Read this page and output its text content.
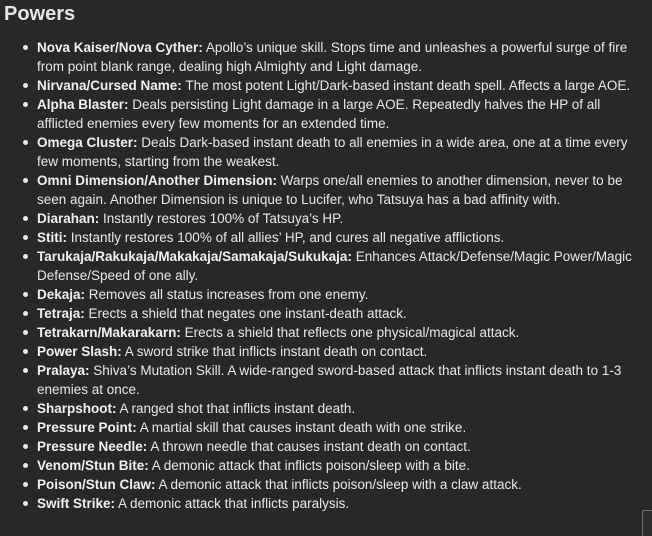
Powers
Nova Kaiser/Nova Cyther: Apollo’s unique skill. Stops time and unleashes a powerful surge of fire from point blank range, dealing high Almighty and Light damage.
Nirvana/Cursed Name: The most potent Light/Dark-based instant death spell. Affects a large AOE.
Alpha Blaster: Deals persisting Light damage in a large AOE. Repeatedly halves the HP of all afflicted enemies every few moments for an extended time.
Omega Cluster: Deals Dark-based instant death to all enemies in a wide area, one at a time every few moments, starting from the weakest.
Omni Dimension/Another Dimension: Warps one/all enemies to another dimension, never to be seen again. Another Dimension is unique to Lucifer, who Tatsuya has a bad affinity with.
Diarahan: Instantly restores 100% of Tatsuya’s HP.
Stiti: Instantly restores 100% of all allies’ HP, and cures all negative afflictions.
Tarukaja/Rakukaja/Makakaja/Samakaja/Sukukaja: Enhances Attack/Defense/Magic Power/Magic Defense/Speed of one ally.
Dekaja: Removes all status increases from one enemy.
Tetraja: Erects a shield that negates one instant-death attack.
Tetrakarn/Makarakarn: Erects a shield that reflects one physical/magical attack.
Power Slash: A sword strike that inflicts instant death on contact.
Pralaya: Shiva’s Mutation Skill. A wide-ranged sword-based attack that inflicts instant death to 1-3 enemies at once.
Sharpshoot: A ranged shot that inflicts instant death.
Pressure Point: A martial skill that causes instant death with one strike.
Pressure Needle: A thrown needle that causes instant death on contact.
Venom/Stun Bite: A demonic attack that inflicts poison/sleep with a bite.
Poison/Stun Claw: A demonic attack that inflicts poison/sleep with a claw attack.
Swift Strike: A demonic attack that inflicts paralysis.
